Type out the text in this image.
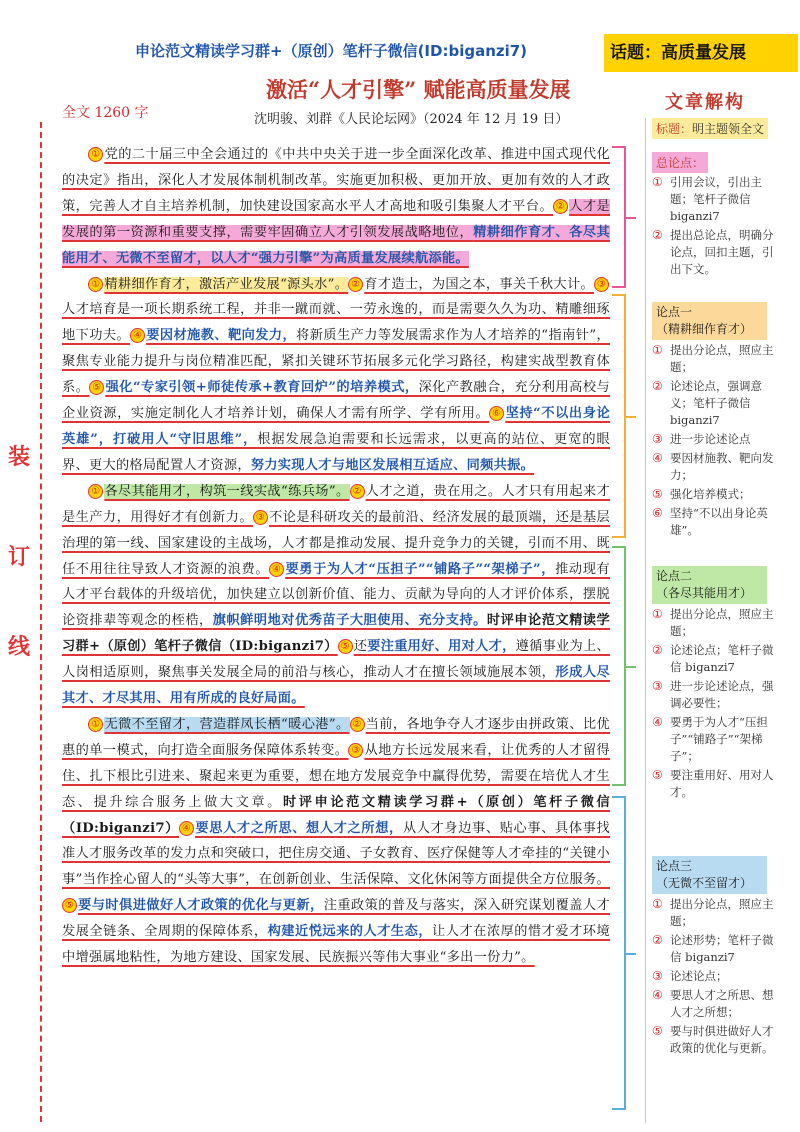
申论范文精读学习群+（原创）笔杆子微信(ID:biganzi7)	话题：高质量发展
激活“人才引擎” 赋能高质量发展
沈明骏、刘群《人民论坛网》（2024 年 12 月 19 日）
全文 1260 字
装
订
线

① 党的二十届三中全会通过的《中共中央关于进一步全面深化改革、推进中国式现代化的决定》指出，深化人才发展体制机制改革。实施更加积极、更加开放、更加有效的人才政策，完善人才自主培养机制，加快建设国家高水平人才高地和吸引集聚人才平台。 ② 人才是发展的第一资源和重要支撑，需要牢固确立人才引领发展战略地位，精耕细作育才、各尽其能用才、无微不至留才，以人才“强力引擎”为高质量发展续航添能。

① 精耕细作育才，激活产业发展“源头水”。 ② 育才造士，为国之本，事关千秋大计。 ③人才培育是一项长期系统工程，并非一蹴而就、一劳永逸的，而是需要久久为功、精雕细琢地下功夫。 ④ 要因材施教、靶向发力，将新质生产力等发展需求作为人才培养的“指南针”，聚焦专业能力提升与岗位精准匹配，紧扣关键环节拓展多元化学习路径，构建实战型教育体系。 ⑤ 强化“专家引领+师徒传承+教育回炉”的培养模式，深化产教融合，充分利用高校与企业资源，实施定制化人才培养计划，确保人才需有所学、学有所用。 ⑥ 坚持“不以出身论英雄”，打破用人“守旧思维”，根据发展急迫需要和长远需求，以更高的站位、更宽的眼界、更大的格局配置人才资源，努力实现人才与地区发展相互适应、同频共振。

① 各尽其能用才，构筑一线实战“练兵场”。 ② 人才之道，贵在用之。人才只有用起来才是生产力，用得好才有创新力。 ③ 不论是科研攻关的最前沿、经济发展的最顶端，还是基层治理的第一线、国家建设的主战场，人才都是推动发展、提升竞争力的关键，引而不用、既任不用往往导致人才资源的浪费。 ④ 要勇于为人才“压担子”“铺路子”“架梯子”，推动现有人才平台载体的升级培优，加快建立以创新价值、能力、贡献为导向的人才评价体系，摆脱论资排辈等观念的桎梏，旗帜鲜明地对优秀苗子大胆使用、充分支持。时评申论范文精读学习群+（原创）笔杆子微信（ID:biganzi7） ⑤ 还要注重用好、用对人才，遵循事业为上、人岗相适原则，聚焦事关发展全局的前沿与核心，推动人才在擅长领域施展本领，形成人尽其才、才尽其用、用有所成的良好局面。

① 无微不至留才，营造群凤长栖“暖心港”。 ② 当前，各地争夺人才逐步由拼政策、比优惠的单一模式，向打造全面服务保障体系转变。 ③ 从地方长远发展来看，让优秀的人才留得住、扎下根比引进来、聚起来更为重要，想在地方发展竞争中赢得优势，需要在培优人才生态、提升综合服务上做大文章。时评申论范文精读学习群+（原创）笔杆子微信（ID:biganzi7） ④ 要思人才之所思、想人才之所想，从人才身边事、贴心事、具体事找准人才服务改革的发力点和突破口，把住房交通、子女教育、医疗保健等人才牵挂的“关键小事”当作拴心留人的“头等大事”，在创新创业、生活保障、文化休闲等方面提供全方位服务。⑤ 要与时俱进做好人才政策的优化与更新，注重政策的普及与落实，深入研究谋划覆盖人才发展全链条、全周期的保障体系，构建近悦远来的人才生态，让人才在浓厚的惜才爱才环境中增强属地粘性，为地方建设、国家发展、民族振兴等伟大事业“多出一份力”。

文章解构
标题：明主题领全文
总论点：
① 引用会议，引出主题；笔杆子微信 biganzi7
② 提出总论点，明确分论点，回扣主题，引出下文。
论点一
（精耕细作育才）
① 提出分论点，照应主题；
② 论述论点，强调意义；笔杆子微信 biganzi7
③ 进一步论述论点
④ 要因材施教、靶向发力；
⑤ 强化培养模式；
⑥ 坚持“不以出身论英雄”。
论点二
（各尽其能用才）
① 提出分论点，照应主题；
② 论述论点；笔杆子微信 biganzi7
③ 进一步论述论点，强调必要性；
④ 要勇于为人才“压担子”“铺路子”“架梯子”；
⑤ 要注重用好、用对人才。
论点三
（无微不至留才）
① 提出分论点，照应主题；
② 论述形势；笔杆子微信 biganzi7
③ 论述论点；
④ 要思人才之所思、想人才之所想；
⑤ 要与时俱进做好人才政策的优化与更新。
